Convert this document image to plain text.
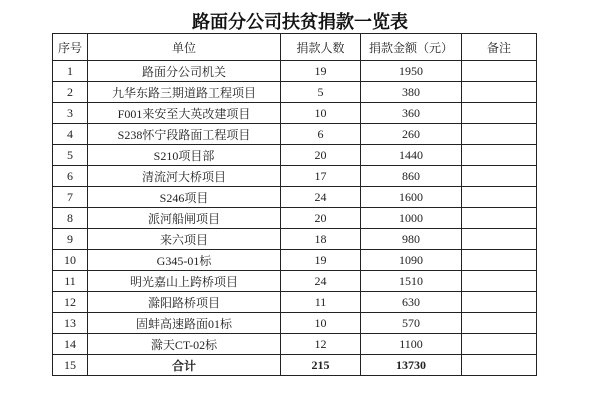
路面分公司扶贫捐款一览表
序号	单位	捐款人数	捐款金额（元）	备注
1	路面分公司机关	19	1950	
2	九华东路三期道路工程项目	5	380	
3	F001来安至大英改建项目	10	360	
4	S238怀宁段路面工程项目	6	260	
5	S210项目部	20	1440	
6	清流河大桥项目	17	860	
7	S246项目	24	1600	
8	派河船闸项目	20	1000	
9	来六项目	18	980	
10	G345-01标	19	1090	
11	明光嘉山上跨桥项目	24	1510	
12	滁阳路桥项目	11	630	
13	固蚌高速路面01标	10	570	
14	滁天CT-02标	12	1100	
15	合计	215	13730	
